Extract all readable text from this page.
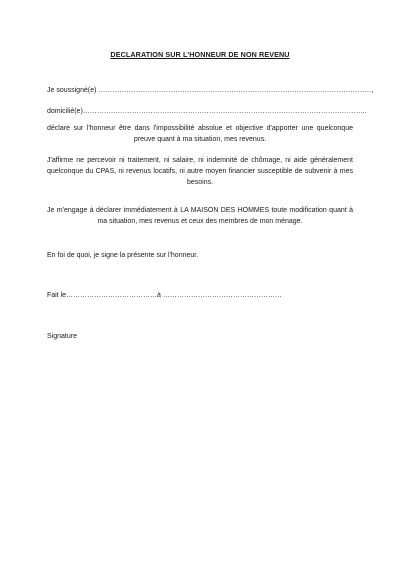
DECLARATION SUR L'HONNEUR DE NON REVENU
Je soussigné(e) ………………………………………………………………………………………………………,
domicilié(e)…………………………………………………………………………………………………………..
déclare sur l'honneur être dans l'impossibilité absolue et objective d'apporter une quelconque preuve quant à ma situation, mes revenus.
J'affirme ne percevoir ni traitement, ni salaire, ni indemnité de chômage, ni aide généralement quelconque du CPAS, ni revenus locatifs, ni autre moyen financier susceptible de subvenir à mes besoins.
Je m'engage à déclarer immédiatement à LA MAISON DES HOMMES toute modification quant à ma situation, mes revenus et ceux des membres de mon ménage.
En foi de quoi, je signe la présente sur l'honneur.
Fait le…………………………………à ……………………………………………
Signature
